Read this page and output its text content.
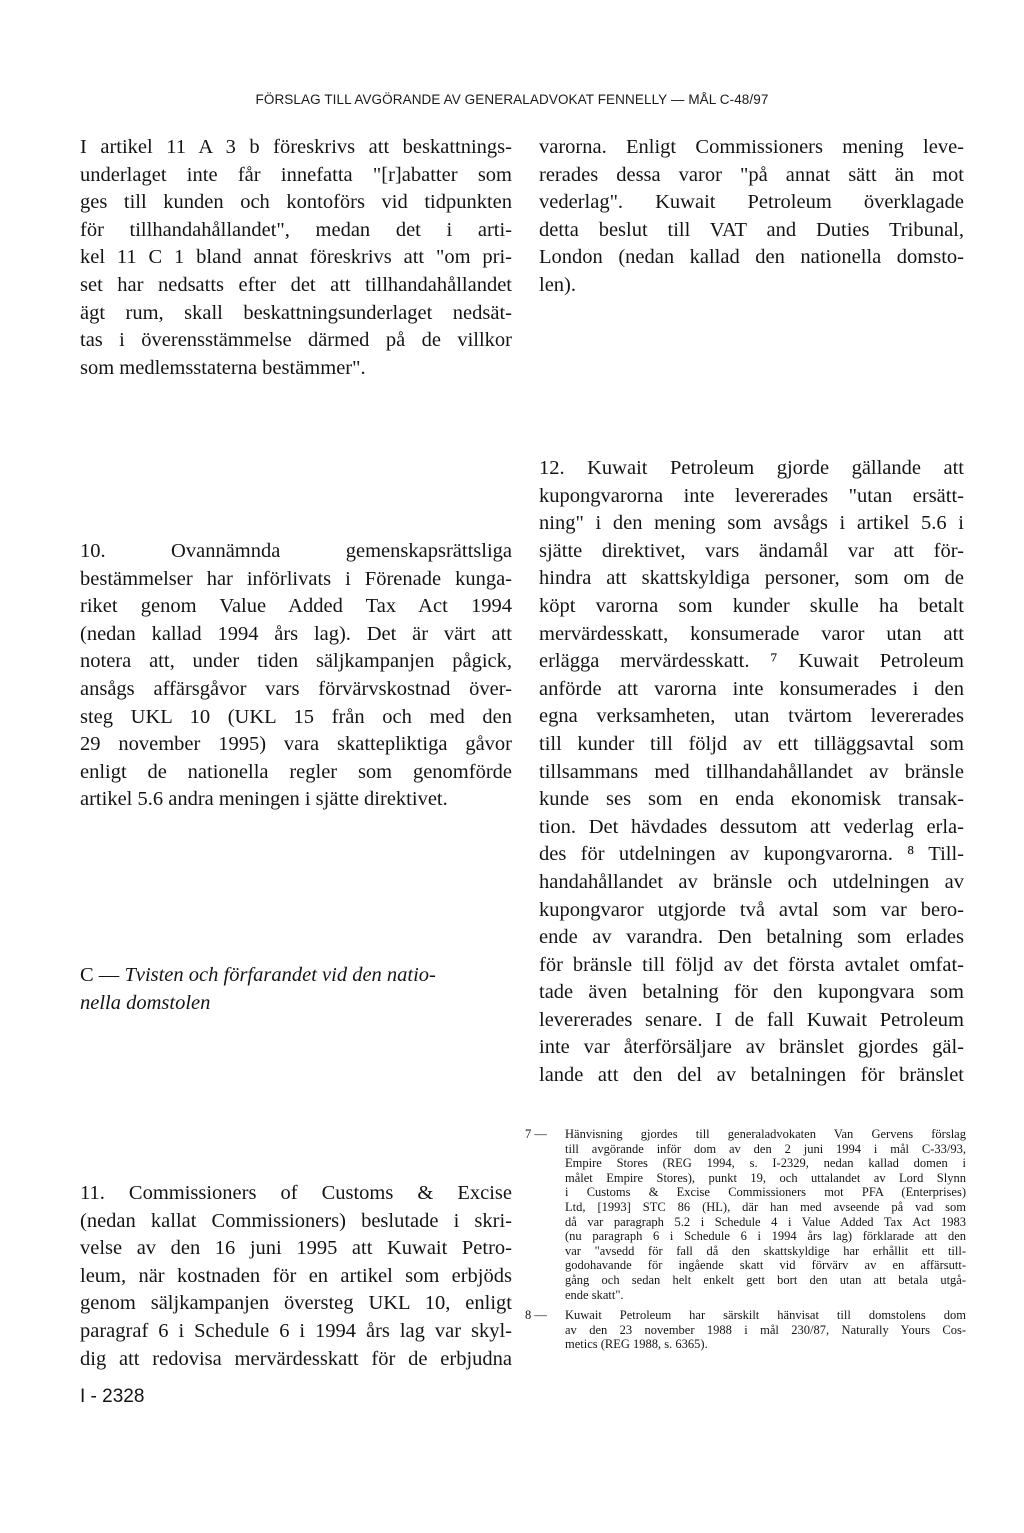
FÖRSLAG TILL AVGÖRANDE AV GENERALADVOKAT FENNELLY — MÅL C-48/97

I artikel 11 A 3 b föreskrivs att beskattnings-
underlaget inte får innefatta "[r]abatter som
ges till kunden och kontoförs vid tidpunkten
för tillhandahållandet", medan det i arti-
kel 11 C 1 bland annat föreskrivs att "om pri-
set har nedsatts efter det att tillhandahållandet
ägt rum, skall beskattningsunderlaget nedsät-
tas i överensstämmelse därmed på de villkor
som medlemsstaterna bestämmer".

10. Ovannämnda gemenskapsrättsliga
bestämmelser har införlivats i Förenade kunga-
riket genom Value Added Tax Act 1994
(nedan kallad 1994 års lag). Det är värt att
notera att, under tiden säljkampanjen pågick,
ansågs affärsgåvor vars förvärvskostnad över-
steg UKL 10 (UKL 15 från och med den
29 november 1995) vara skattepliktiga gåvor
enligt de nationella regler som genomförde
artikel 5.6 andra meningen i sjätte direktivet.

C — Tvisten och förfarandet vid den natio-
nella domstolen

11. Commissioners of Customs & Excise
(nedan kallat Commissioners) beslutade i skri-
velse av den 16 juni 1995 att Kuwait Petro-
leum, när kostnaden för en artikel som erbjöds
genom säljkampanjen översteg UKL 10, enligt
paragraf 6 i Schedule 6 i 1994 års lag var skyl-
dig att redovisa mervärdesskatt för de erbjudna

varorna. Enligt Commissioners mening leve-
rerades dessa varor "på annat sätt än mot
vederlag". Kuwait Petroleum överklagade
detta beslut till VAT and Duties Tribunal,
London (nedan kallad den nationella domsto-
len).

12. Kuwait Petroleum gjorde gällande att
kupongvarorna inte levererades "utan ersätt-
ning" i den mening som avsågs i artikel 5.6 i
sjätte direktivet, vars ändamål var att för-
hindra att skattskyldiga personer, som om de
köpt varorna som kunder skulle ha betalt
mervärdesskatt, konsumerade varor utan att
erlägga mervärdesskatt. ⁷ Kuwait Petroleum
anförde att varorna inte konsumerades i den
egna verksamheten, utan tvärtom levererades
till kunder till följd av ett tilläggsavtal som
tillsammans med tillhandahållandet av bränsle
kunde ses som en enda ekonomisk transak-
tion. Det hävdades dessutom att vederlag erla-
des för utdelningen av kupongvarorna. ⁸ Till-
handahållandet av bränsle och utdelningen av
kupongvaror utgjorde två avtal som var bero-
ende av varandra. Den betalning som erlades
för bränsle till följd av det första avtalet omfat-
tade även betalning för den kupongvara som
levererades senare. I de fall Kuwait Petroleum
inte var återförsäljare av bränslet gjordes gäl-
lande att den del av betalningen för bränslet

7 —	Hänvisning gjordes till generaladvokaten Van Gervens förslag
till avgörande inför dom av den 2 juni 1994 i mål C-33/93,
Empire Stores (REG 1994, s. I-2329, nedan kallad domen i
målet Empire Stores), punkt 19, och uttalandet av Lord Slynn
i Customs & Excise Commissioners mot PFA (Enterprises)
Ltd, [1993] STC 86 (HL), där han med avseende på vad som
då var paragraph 5.2 i Schedule 4 i Value Added Tax Act 1983
(nu paragraph 6 i Schedule 6 i 1994 års lag) förklarade att den
var "avsedd för fall då den skattskyldige har erhållit ett till-
godohavande för ingående skatt vid förvärv av en affärsutt-
gång och sedan helt enkelt gett bort den utan att betala utgå-
ende skatt".
8 —	Kuwait Petroleum har särskilt hänvisat till domstolens dom
av den 23 november 1988 i mål 230/87, Naturally Yours Cos-
metics (REG 1988, s. 6365).
I - 2328
